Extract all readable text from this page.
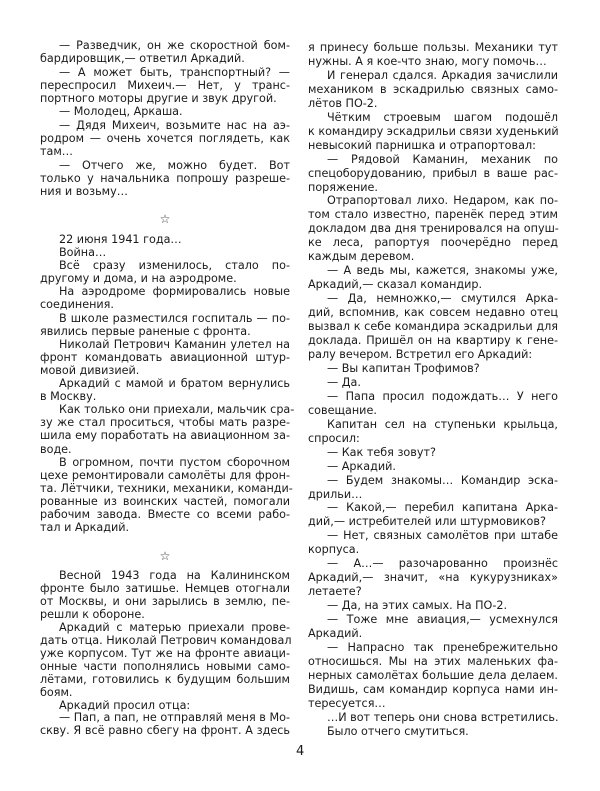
— Разведчик, он же скоростной бом-
бардировщик,— ответил Аркадий.
— А может быть, транспортный? —
переспросил Михеич.— Нет, у транс-
портного моторы другие и звук другой.
— Молодец, Аркаша.
— Дядя Михеич, возьмите нас на аэ-
родром — очень хочется поглядеть, как
там…
— Отчего же, можно будет. Вот
только у начальника попрошу разреше-
ния и возьму…
☆
22 июня 1941 года…
Война…
Всё сразу изменилось, стало по-
другому и дома, и на аэродроме.
На аэродроме формировались новые
соединения.
В школе разместился госпиталь — по-
явились первые раненые с фронта.
Николай Петрович Каманин улетел на
фронт командовать авиационной штур-
мовой дивизией.
Аркадий с мамой и братом вернулись
в Москву.
Как только они приехали, мальчик сра-
зу же стал проситься, чтобы мать разре-
шила ему поработать на авиационном за-
воде.
В огромном, почти пустом сборочном
цехе ремонтировали самолёты для фрон-
та. Лётчики, техники, механики, команди-
рованные из воинских частей, помогали
рабочим завода. Вместе со всеми рабо-
тал и Аркадий.
☆
Весной 1943 года на Калининском
фронте было затишье. Немцев отогнали
от Москвы, и они зарылись в землю, пе-
решли к обороне.
Аркадий с матерью приехали прове-
дать отца. Николай Петрович командовал
уже корпусом. Тут же на фронте авиаци-
онные части пополнялись новыми само-
лётами, готовились к будущим большим
боям.
Аркадий просил отца:
— Пап, а пап, не отправляй меня в Мо-
скву. Я всё равно сбегу на фронт. А здесь
я принесу больше пользы. Механики тут
нужны. А я кое-что знаю, могу помочь…
И генерал сдался. Аркадия зачислили
механиком в эскадрилью связных само-
лётов ПО-2.
Чётким строевым шагом подошёл
к командиру эскадрильи связи худенький
невысокий парнишка и отрапортовал:
— Рядовой Каманин, механик по
спецоборудованию, прибыл в ваше рас-
поряжение.
Отрапортовал лихо. Недаром, как по-
том стало известно, паренёк перед этим
докладом два дня тренировался на опуш-
ке леса, рапортуя поочерёдно перед
каждым деревом.
— А ведь мы, кажется, знакомы уже,
Аркадий,— сказал командир.
— Да, немножко,— смутился Арка-
дий, вспомнив, как совсем недавно отец
вызвал к себе командира эскадрильи для
доклада. Пришёл он на квартиру к гене-
ралу вечером. Встретил его Аркадий:
— Вы капитан Трофимов?
— Да.
— Папа просил подождать… У него
совещание.
Капитан сел на ступеньки крыльца,
спросил:
— Как тебя зовут?
— Аркадий.
— Будем знакомы… Командир эска-
дрильи…
— Какой,— перебил капитана Арка-
дий,— истребителей или штурмовиков?
— Нет, связных самолётов при штабе
корпуса.
— А…— разочарованно произнёс
Аркадий,— значит, «на кукурузниках»
летаете?
— Да, на этих самых. На ПО-2.
— Тоже мне авиация,— усмехнулся
Аркадий.
— Напрасно так пренебрежительно
относишься. Мы на этих маленьких фа-
нерных самолётах большие дела делаем.
Видишь, сам командир корпуса нами ин-
тересуется…
…И вот теперь они снова встретились.
Было отчего смутиться.
4
